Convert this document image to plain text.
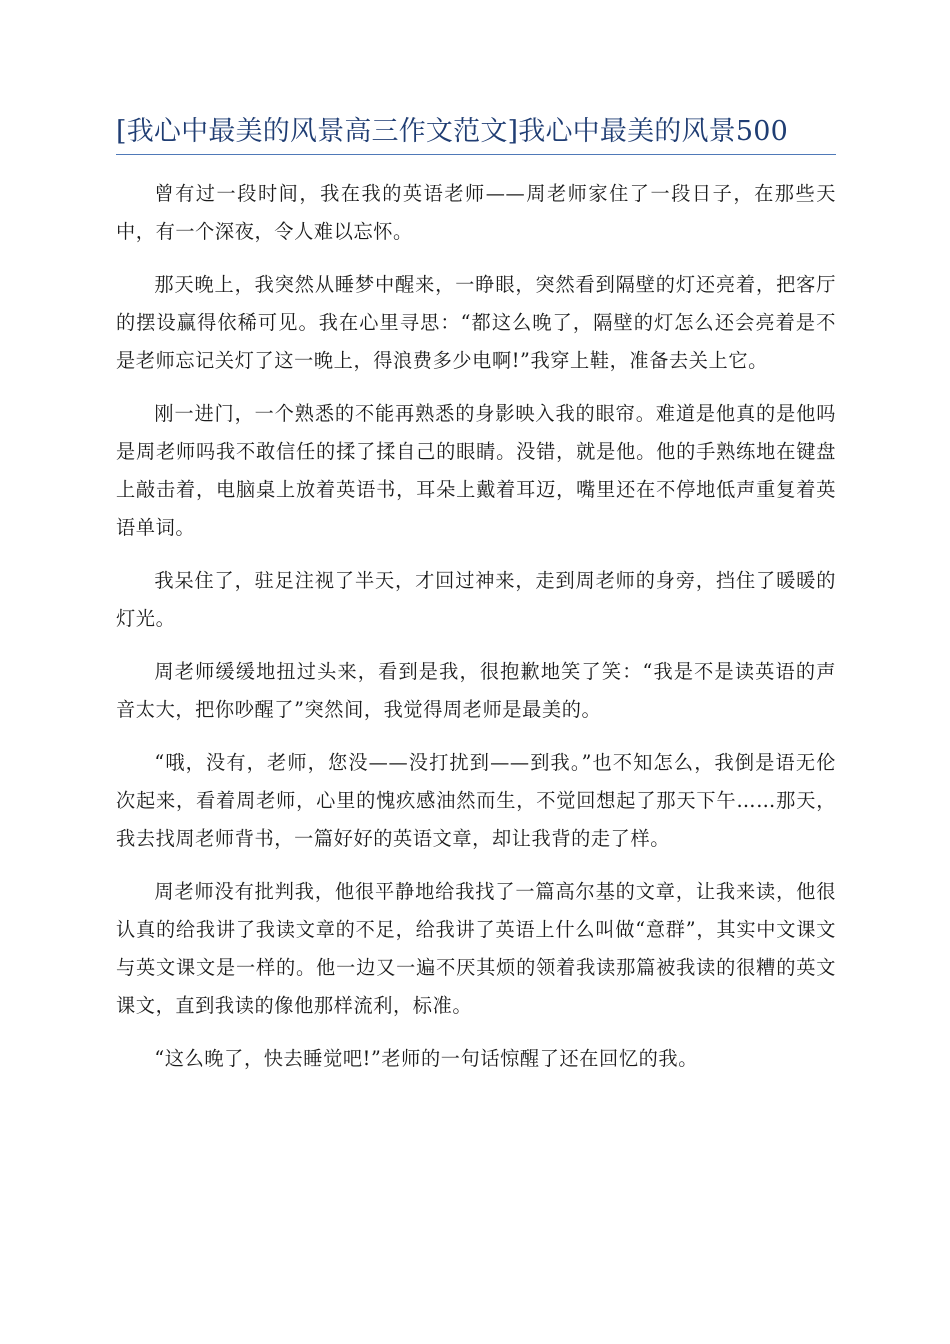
[我心中最美的风景高三作文范文]我心中最美的风景500

曾有过一段时间，我在我的英语老师——周老师家住了一段日子，在那些天中，有一个深夜，令人难以忘怀。

那天晚上，我突然从睡梦中醒来，一睁眼，突然看到隔壁的灯还亮着，把客厅的摆设赢得依稀可见。我在心里寻思：“都这么晚了，隔壁的灯怎么还会亮着是不是老师忘记关灯了这一晚上，得浪费多少电啊!”我穿上鞋，准备去关上它。

刚一进门，一个熟悉的不能再熟悉的身影映入我的眼帘。难道是他真的是他吗是周老师吗我不敢信任的揉了揉自己的眼睛。没错，就是他。他的手熟练地在键盘上敲击着，电脑桌上放着英语书，耳朵上戴着耳迈，嘴里还在不停地低声重复着英语单词。

我呆住了，驻足注视了半天，才回过神来，走到周老师的身旁，挡住了暖暖的灯光。

周老师缓缓地扭过头来，看到是我，很抱歉地笑了笑：“我是不是读英语的声音太大，把你吵醒了”突然间，我觉得周老师是最美的。

“哦，没有，老师，您没——没打扰到——到我。”也不知怎么，我倒是语无伦次起来，看着周老师，心里的愧疚感油然而生，不觉回想起了那天下午……那天，我去找周老师背书，一篇好好的英语文章，却让我背的走了样。

周老师没有批判我，他很平静地给我找了一篇高尔基的文章，让我来读，他很认真的给我讲了我读文章的不足，给我讲了英语上什么叫做“意群”，其实中文课文与英文课文是一样的。他一边又一遍不厌其烦的领着我读那篇被我读的很糟的英文课文，直到我读的像他那样流利，标准。

“这么晚了，快去睡觉吧!”老师的一句话惊醒了还在回忆的我。
